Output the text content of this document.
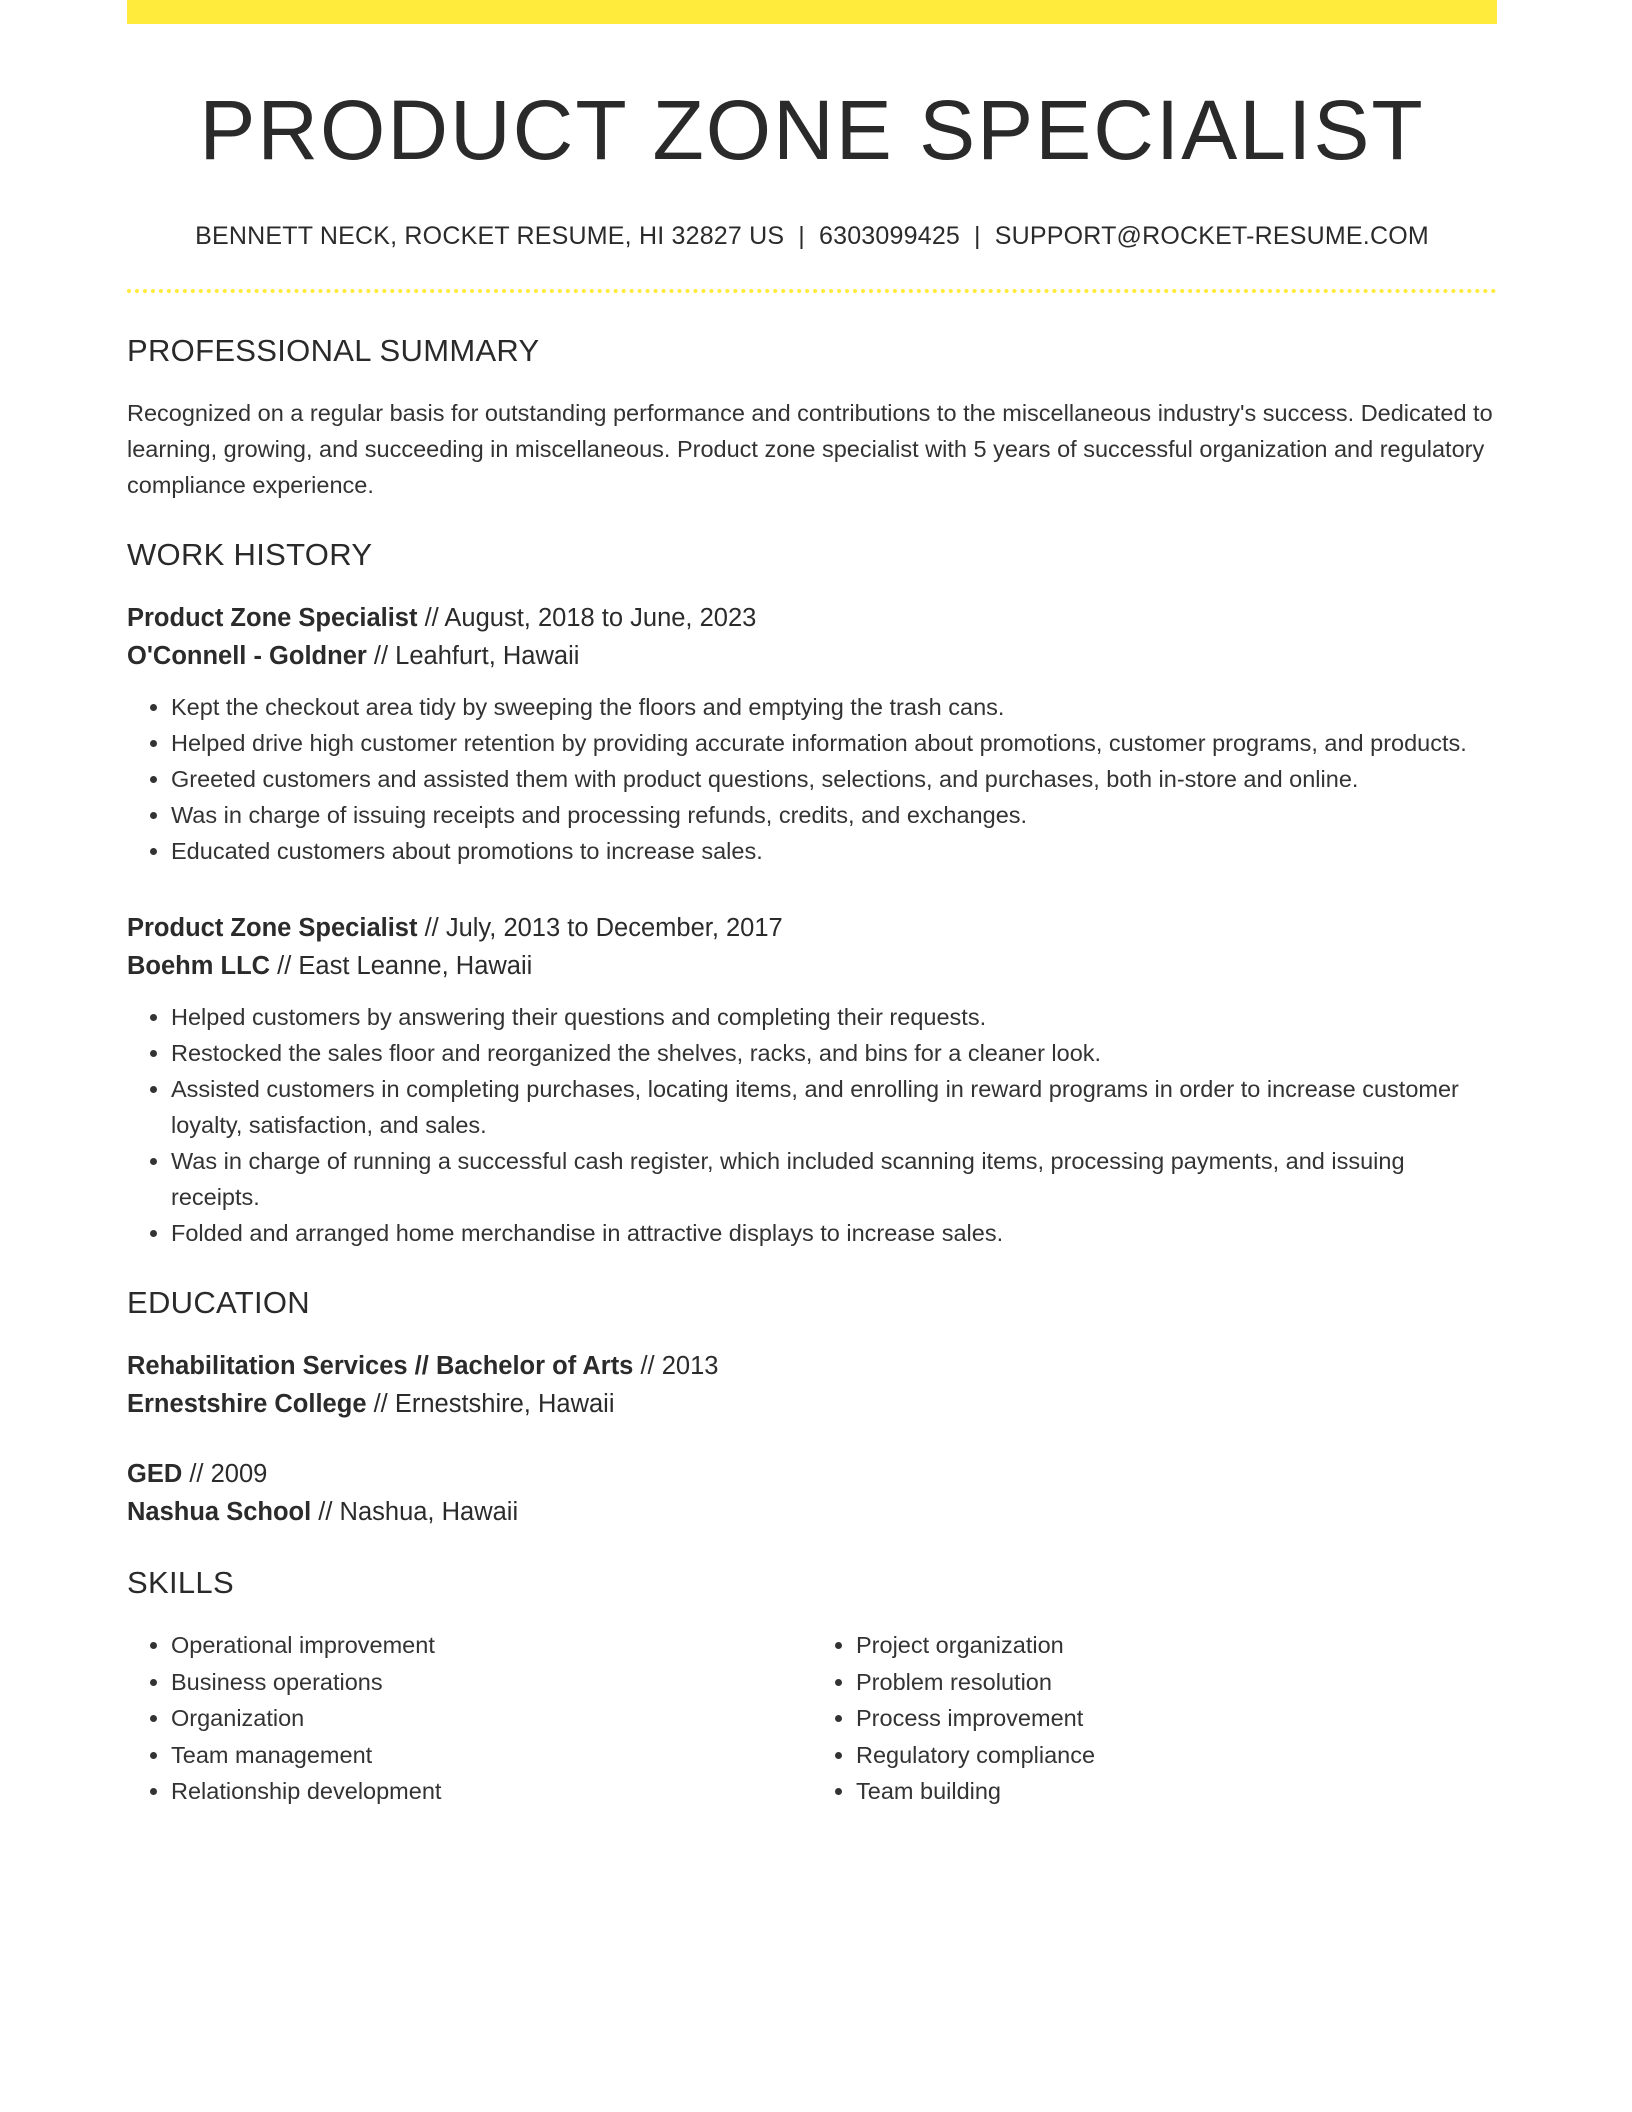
PRODUCT ZONE SPECIALIST
BENNETT NECK, ROCKET RESUME, HI 32827 US | 6303099425 | SUPPORT@ROCKET-RESUME.COM
PROFESSIONAL SUMMARY

Recognized on a regular basis for outstanding performance and contributions to the miscellaneous industry's success. Dedicated to learning, growing, and succeeding in miscellaneous. Product zone specialist with 5 years of successful organization and regulatory compliance experience.

WORK HISTORY
Product Zone Specialist // August, 2018 to June, 2023
O'Connell - Goldner // Leahfurt, Hawaii
• Kept the checkout area tidy by sweeping the floors and emptying the trash cans.
• Helped drive high customer retention by providing accurate information about promotions, customer programs, and products.
• Greeted customers and assisted them with product questions, selections, and purchases, both in-store and online.
• Was in charge of issuing receipts and processing refunds, credits, and exchanges.
• Educated customers about promotions to increase sales.
Product Zone Specialist // July, 2013 to December, 2017
Boehm LLC // East Leanne, Hawaii
• Helped customers by answering their questions and completing their requests.
• Restocked the sales floor and reorganized the shelves, racks, and bins for a cleaner look.
• Assisted customers in completing purchases, locating items, and enrolling in reward programs in order to increase customer loyalty, satisfaction, and sales.
• Was in charge of running a successful cash register, which included scanning items, processing payments, and issuing receipts.
• Folded and arranged home merchandise in attractive displays to increase sales.
EDUCATION
Rehabilitation Services // Bachelor of Arts // 2013
Ernestshire College // Ernestshire, Hawaii
GED // 2009
Nashua School // Nashua, Hawaii
SKILLS
• Operational improvement
• Business operations
• Organization
• Team management
• Relationship development
• Project organization
• Problem resolution
• Process improvement
• Regulatory compliance
• Team building
